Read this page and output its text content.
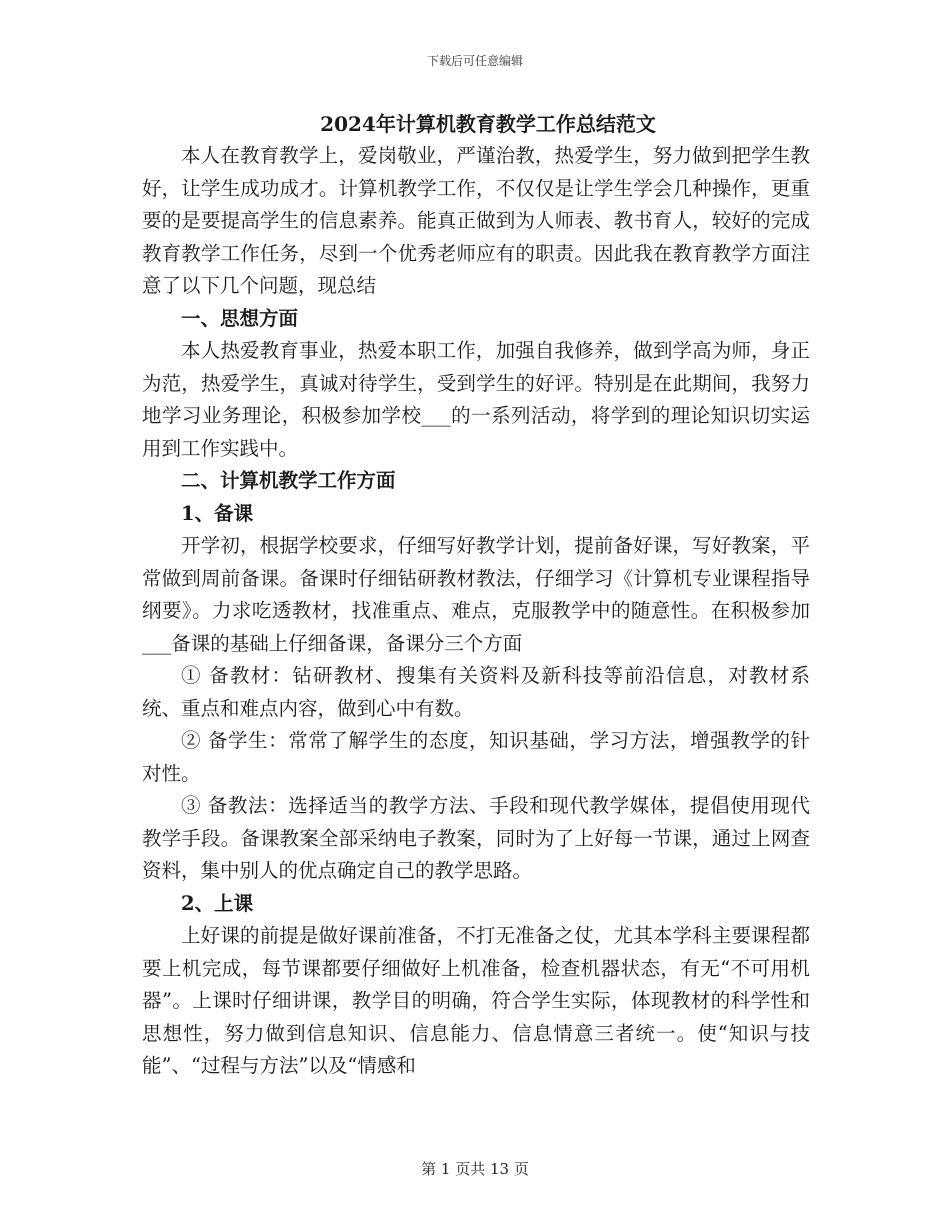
下载后可任意编辑
2024年计算机教育教学工作总结范文

本人在教育教学上，爱岗敬业，严谨治教，热爱学生，努力做到把学生教好，让学生成功成才。计算机教学工作，不仅仅是让学生学会几种操作，更重要的是要提高学生的信息素养。能真正做到为人师表、教书育人，较好的完成教育教学工作任务，尽到一个优秀老师应有的职责。因此我在教育教学方面注意了以下几个问题，现总结

一、思想方面

本人热爱教育事业，热爱本职工作，加强自我修养，做到学高为师，身正为范，热爱学生，真诚对待学生，受到学生的好评。特别是在此期间，我努力地学习业务理论，积极参加学校___的一系列活动，将学到的理论知识切实运用到工作实践中。

二、计算机教学工作方面

1、备课

开学初，根据学校要求，仔细写好教学计划，提前备好课，写好教案，平常做到周前备课。备课时仔细钻研教材教法，仔细学习《计算机专业课程指导纲要》。力求吃透教材，找准重点、难点，克服教学中的随意性。在积极参加___备课的基础上仔细备课，备课分三个方面

① 备教材：钻研教材、搜集有关资料及新科技等前沿信息，对教材系统、重点和难点内容，做到心中有数。

② 备学生：常常了解学生的态度，知识基础，学习方法，增强教学的针对性。

③ 备教法：选择适当的教学方法、手段和现代教学媒体，提倡使用现代教学手段。备课教案全部采纳电子教案，同时为了上好每一节课，通过上网查资料，集中别人的优点确定自己的教学思路。

2、上课

上好课的前提是做好课前准备，不打无准备之仗，尤其本学科主要课程都要上机完成，每节课都要仔细做好上机准备，检查机器状态，有无“不可用机器”。上课时仔细讲课，教学目的明确，符合学生实际，体现教材的科学性和思想性，努力做到信息知识、信息能力、信息情意三者统一。使“知识与技能”、“过程与方法”以及“情感和

第 1 页共 13 页
